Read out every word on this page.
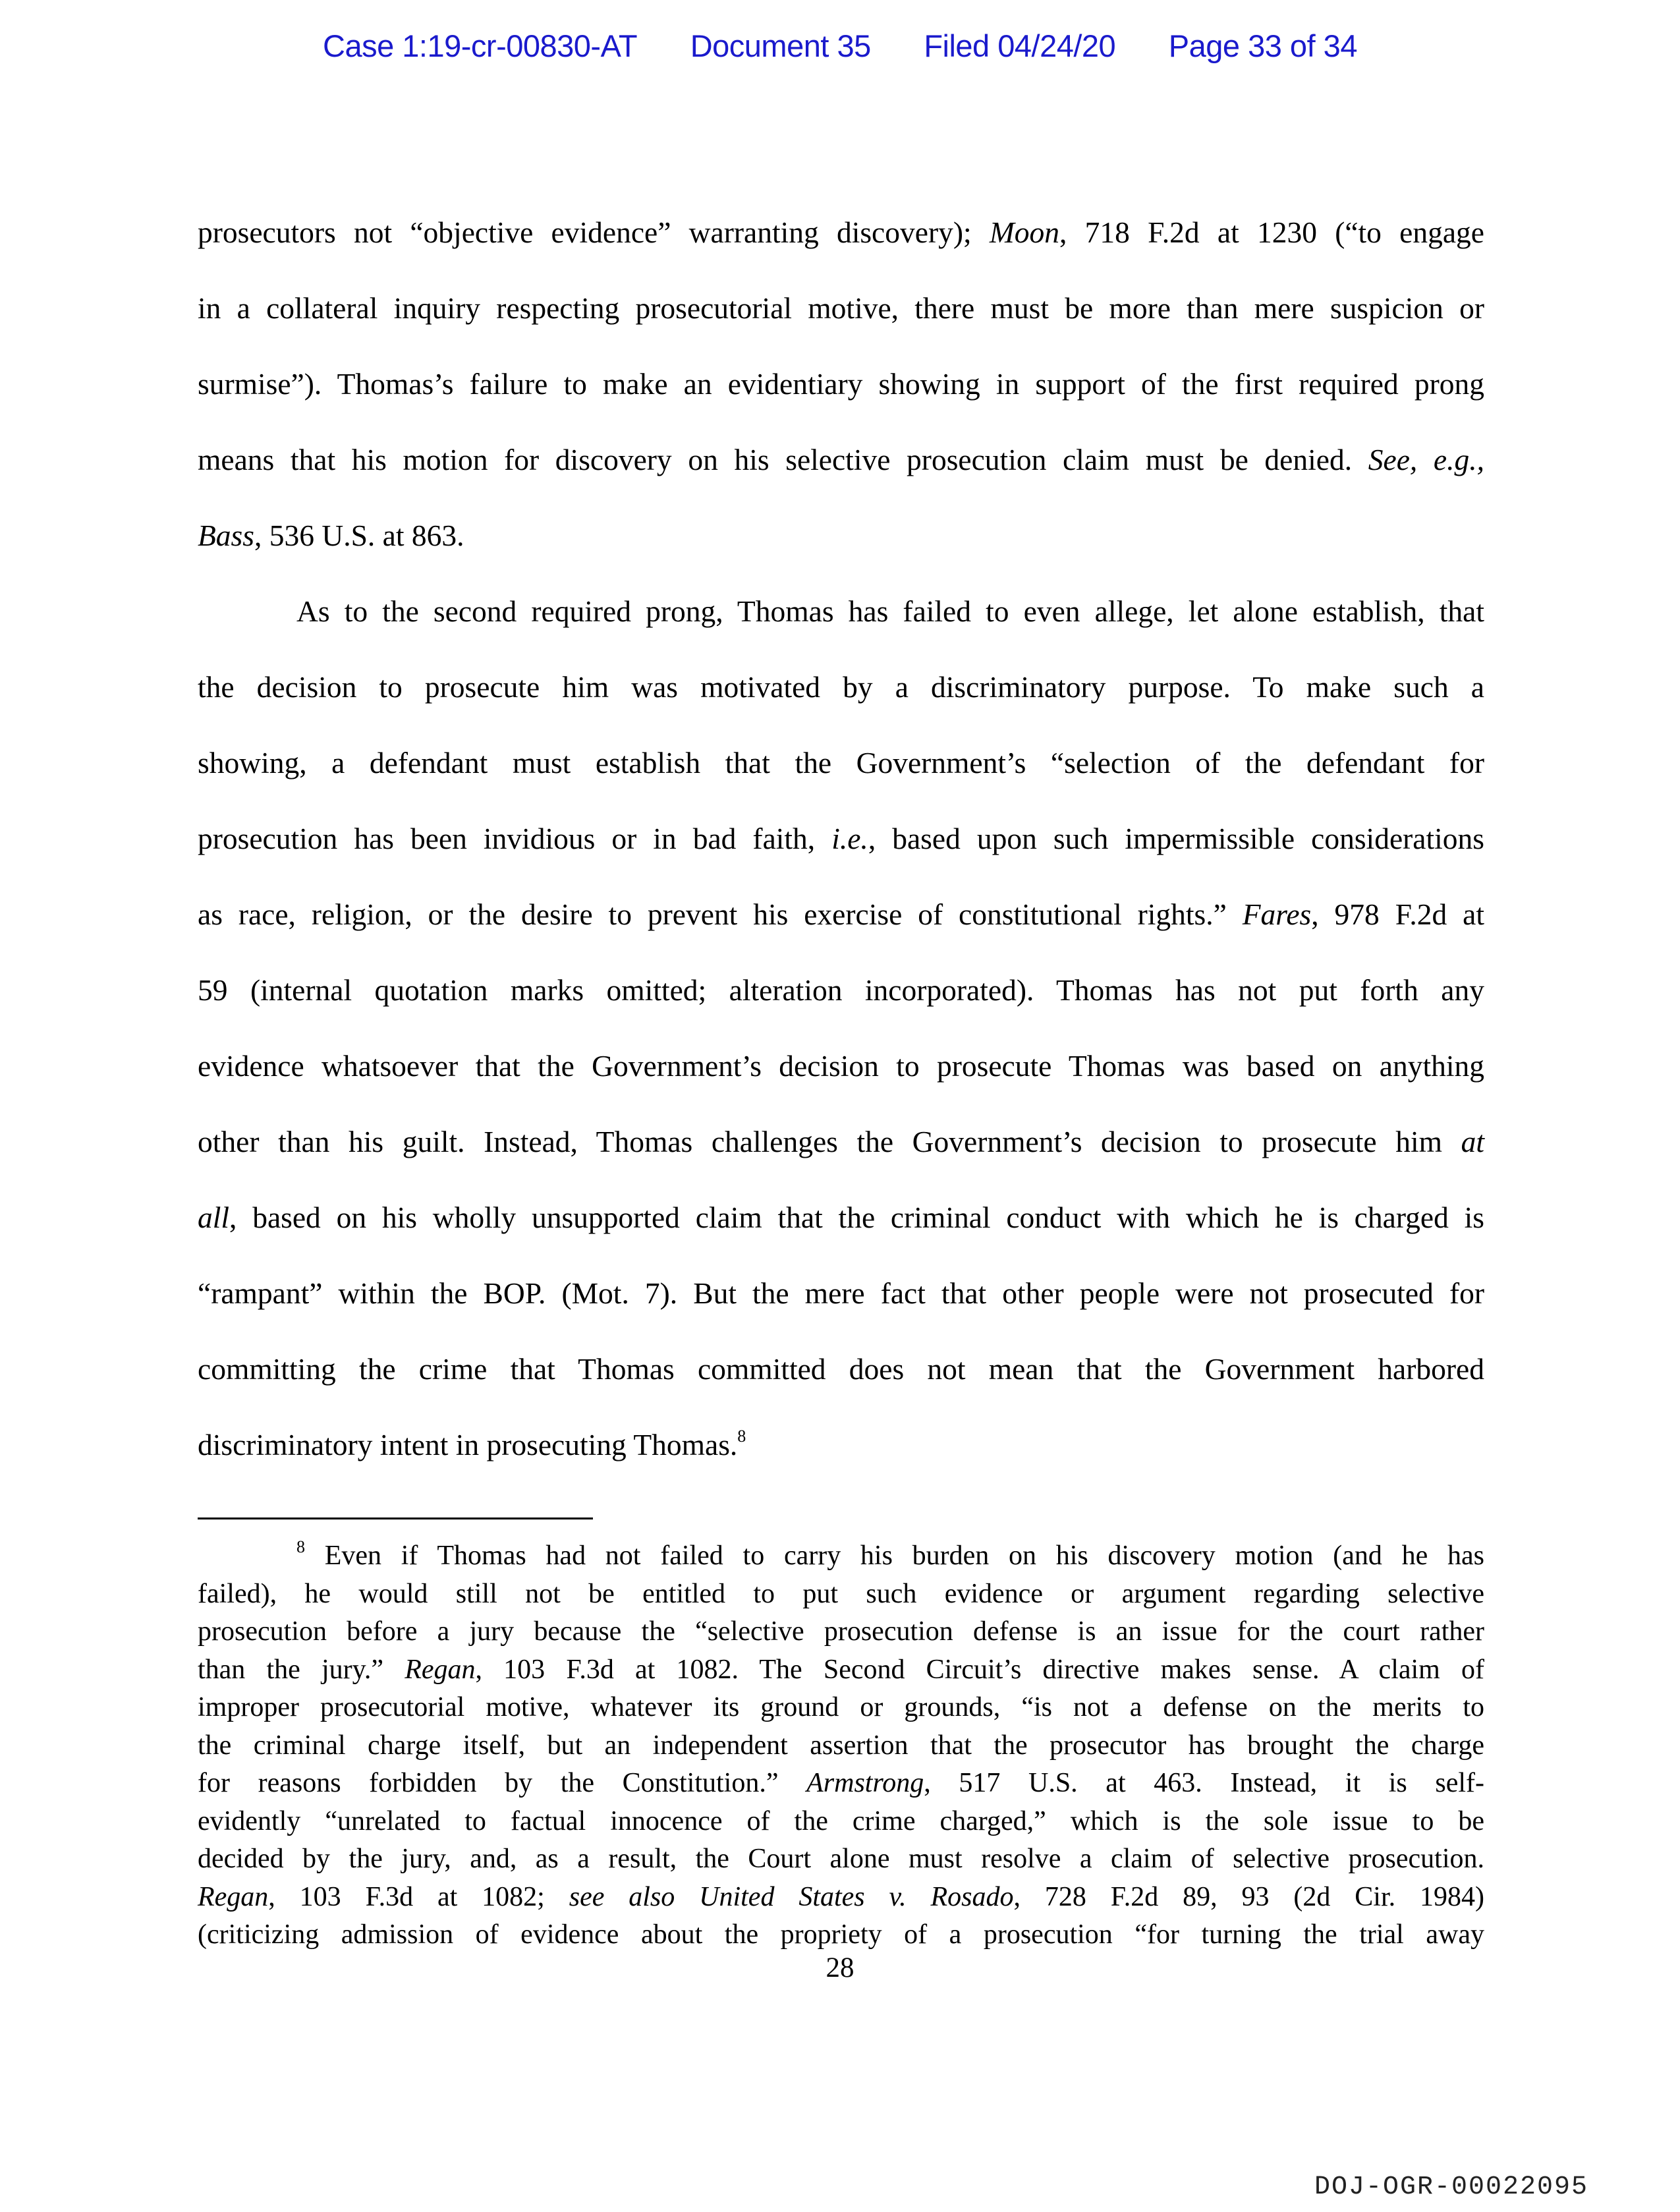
Case 1:19-cr-00830-AT Document 35 Filed 04/24/20 Page 33 of 34
prosecutors not “objective evidence” warranting discovery); Moon, 718 F.2d at 1230 (“to engage
in a collateral inquiry respecting prosecutorial motive, there must be more than mere suspicion or
surmise”). Thomas’s failure to make an evidentiary showing in support of the first required prong
means that his motion for discovery on his selective prosecution claim must be denied. See, e.g.,
Bass, 536 U.S. at 863.
As to the second required prong, Thomas has failed to even allege, let alone establish, that
the decision to prosecute him was motivated by a discriminatory purpose. To make such a
showing, a defendant must establish that the Government’s “selection of the defendant for
prosecution has been invidious or in bad faith, i.e., based upon such impermissible considerations
as race, religion, or the desire to prevent his exercise of constitutional rights.” Fares, 978 F.2d at
59 (internal quotation marks omitted; alteration incorporated). Thomas has not put forth any
evidence whatsoever that the Government’s decision to prosecute Thomas was based on anything
other than his guilt. Instead, Thomas challenges the Government’s decision to prosecute him at
all, based on his wholly unsupported claim that the criminal conduct with which he is charged is
“rampant” within the BOP. (Mot. 7). But the mere fact that other people were not prosecuted for
committing the crime that Thomas committed does not mean that the Government harbored
discriminatory intent in prosecuting Thomas.$^8$
$^8$ Even if Thomas had not failed to carry his burden on his discovery motion (and he has
failed), he would still not be entitled to put such evidence or argument regarding selective
prosecution before a jury because the “selective prosecution defense is an issue for the court rather
than the jury.” Regan, 103 F.3d at 1082. The Second Circuit’s directive makes sense. A claim of
improper prosecutorial motive, whatever its ground or grounds, “is not a defense on the merits to
the criminal charge itself, but an independent assertion that the prosecutor has brought the charge
for reasons forbidden by the Constitution.” Armstrong, 517 U.S. at 463. Instead, it is self-
evidently “unrelated to factual innocence of the crime charged,” which is the sole issue to be
decided by the jury, and, as a result, the Court alone must resolve a claim of selective prosecution.
Regan, 103 F.3d at 1082; see also United States v. Rosado, 728 F.2d 89, 93 (2d Cir. 1984)
(criticizing admission of evidence about the propriety of a prosecution “for turning the trial away
28
DOJ-OGR-00022095
